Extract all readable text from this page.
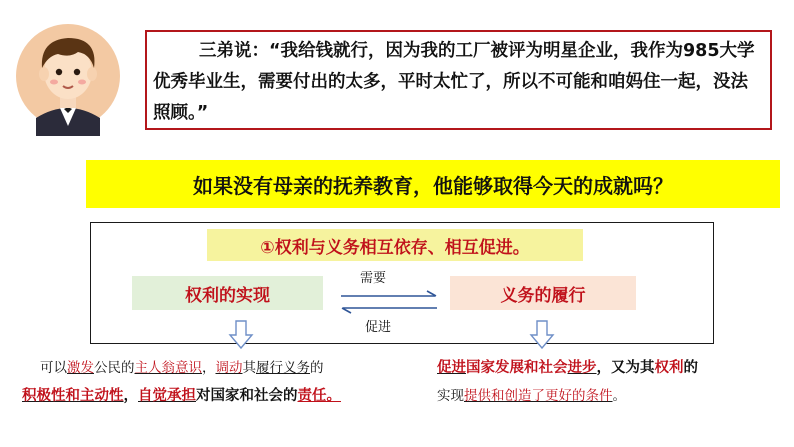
三弟说：“我给钱就行，因为我的工厂被评为明星企业，我作为985大学优秀毕业生，需要付出的太多，平时太忙了，所以不可能和咱妈住一起，没法照顾。”
如果没有母亲的抚养教育，他能够取得今天的成就吗？
①权利与义务相互依存、相互促进。
权利的实现	义务的履行
需要
促进
可以激发公民的主人翁意识，调动其履行义务的
积极性和主动性，自觉承担对国家和社会的责任。
促进国家发展和社会进步，又为其权利的
实现提供和创造了更好的条件。
